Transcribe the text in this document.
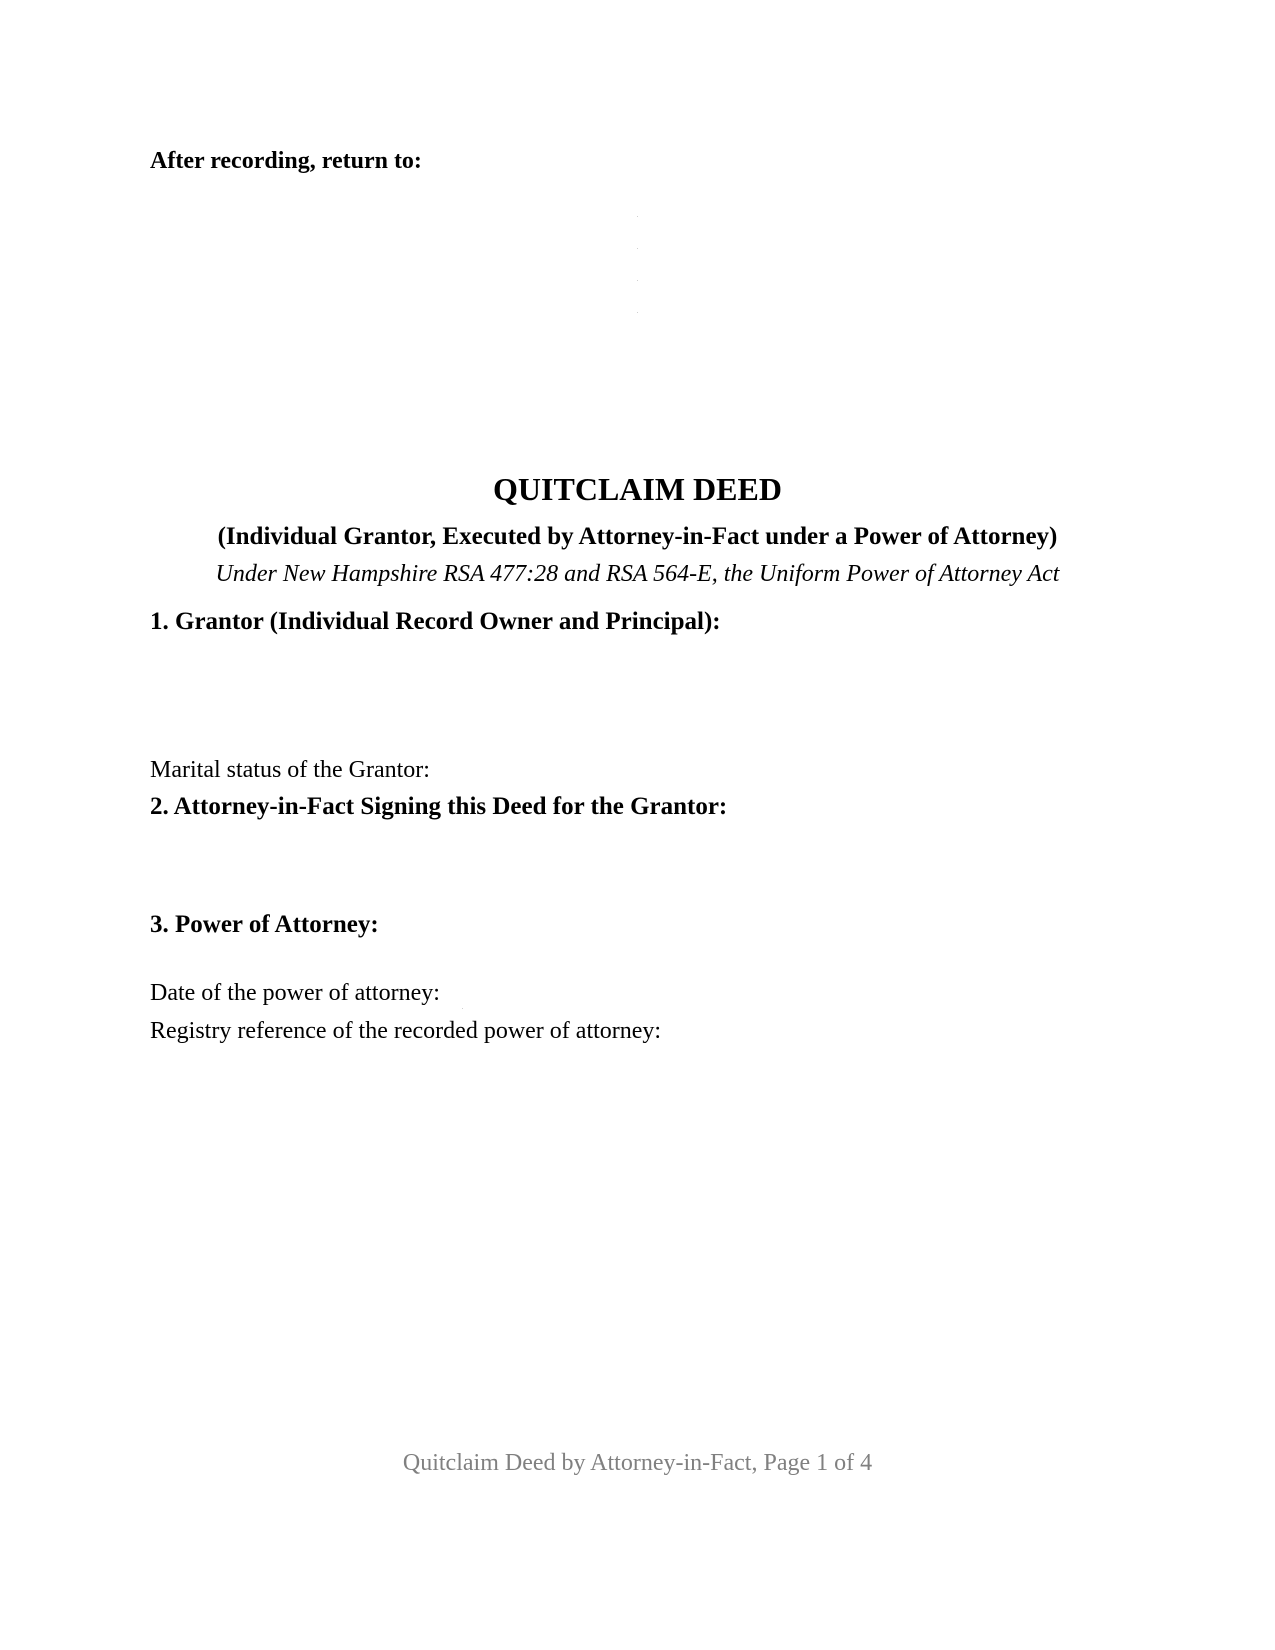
After recording, return to:
QUITCLAIM DEED
(Individual Grantor, Executed by Attorney-in-Fact under a Power of Attorney)
Under New Hampshire RSA 477:28 and RSA 564-E, the Uniform Power of Attorney Act
1. Grantor (Individual Record Owner and Principal):
Marital status of the Grantor:
2. Attorney-in-Fact Signing this Deed for the Grantor:
3. Power of Attorney:
Date of the power of attorney:
Registry reference of the recorded power of attorney:
Quitclaim Deed by Attorney-in-Fact, Page 1 of 4
